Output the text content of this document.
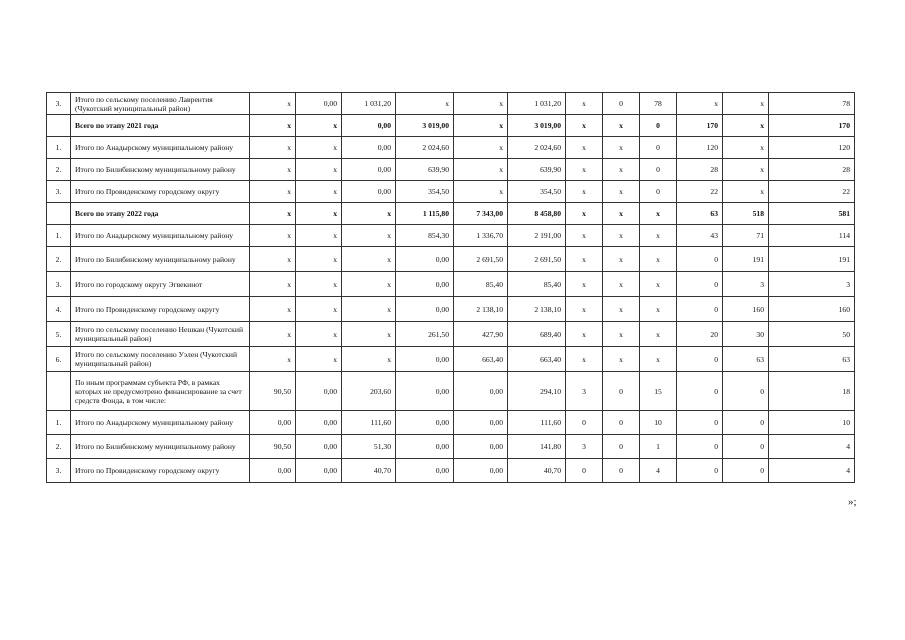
3.	Итого по сельскому поселению Лаврентия (Чукотский муниципальный район)	х	0,00	1 031,20	х	х	1 031,20	х	0	78	х	х	78
	Всего по этапу 2021 года	х	х	0,00	3 019,00	х	3 019,00	х	х	0	170	х	170
1.	Итого по Анадырскому муниципальному району	х	х	0,00	2 024,60	х	2 024,60	х	х	0	120	х	120
2.	Итого по Билибинскому муниципальному району	х	х	0,00	639,90	х	639,90	х	х	0	28	х	28
3.	Итого по Провиденскому городскому округу	х	х	0,00	354,50	х	354,50	х	х	0	22	х	22
	Всего по этапу 2022 года	х	х	х	1 115,80	7 343,00	8 458,80	х	х	х	63	518	581
1.	Итого по Анадырскому муниципальному району	х	х	х	854,30	1 336,70	2 191,00	х	х	х	43	71	114
2.	Итого по Билибинскому муниципальному району	х	х	х	0,00	2 691,50	2 691,50	х	х	х	0	191	191
3.	Итого по городскому округу Эгвекинот	х	х	х	0,00	85,40	85,40	х	х	х	0	3	3
4.	Итого по Провиденскому городскому округу	х	х	х	0,00	2 138,10	2 138,10	х	х	х	0	160	160
5.	Итого по сельскому поселению Нешкан (Чукотский муниципальный район)	х	х	х	261,50	427,90	689,40	х	х	х	20	30	50
6.	Итого по сельскому поселению Уэлен (Чукотский муниципальный район)	х	х	х	0,00	663,40	663,40	х	х	х	0	63	63
	По иным программам субъекта РФ, в рамках которых не предусмотрено финансирование за счет средств Фонда, в том числе:	90,50	0,00	203,60	0,00	0,00	294,10	3	0	15	0	0	18
1.	Итого по Анадырскому муниципальному району	0,00	0,00	111,60	0,00	0,00	111,60	0	0	10	0	0	10
2.	Итого по Билибинскому муниципальному району	90,50	0,00	51,30	0,00	0,00	141,80	3	0	1	0	0	4
3.	Итого по Провиденскому городскому округу	0,00	0,00	40,70	0,00	0,00	40,70	0	0	4	0	0	4
»;
